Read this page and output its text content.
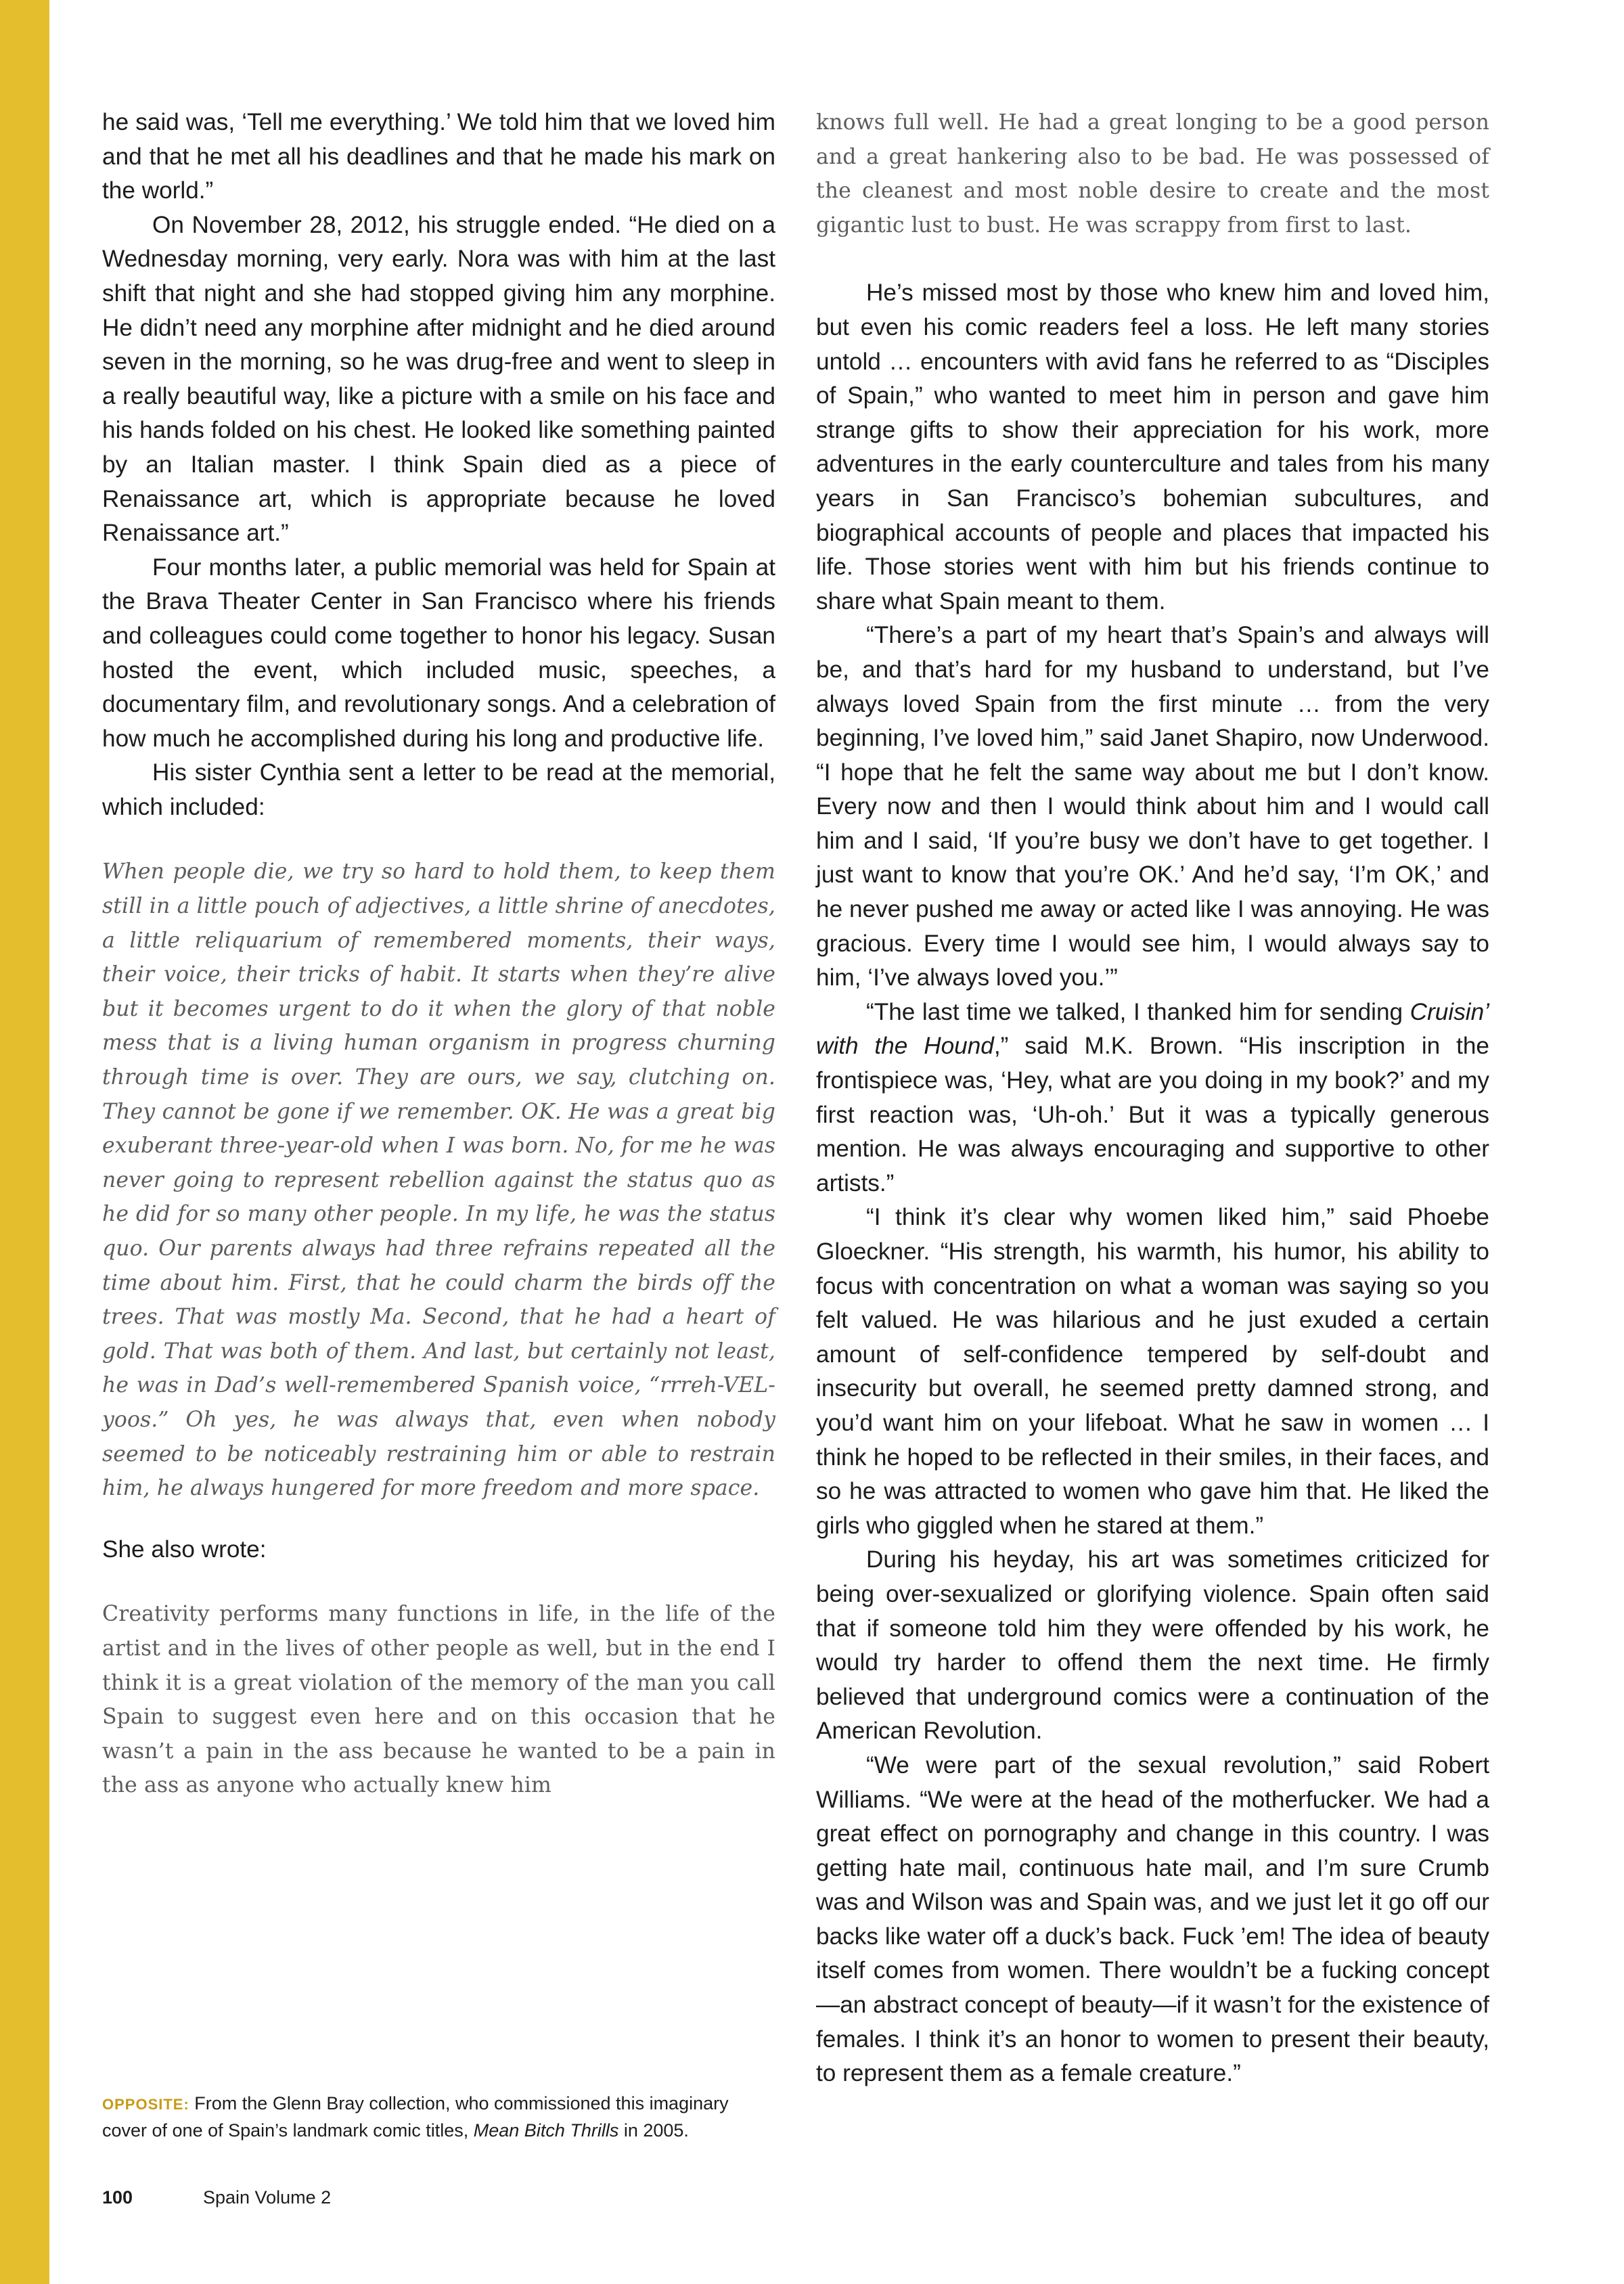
he said was, ‘Tell me everything.’ We told him that we loved him and that he met all his deadlines and that he made his mark on the world.”

On November 28, 2012, his struggle ended. “He died on a Wednesday morning, very early. Nora was with him at the last shift that night and she had stopped giving him any morphine. He didn’t need any morphine after midnight and he died around seven in the morning, so he was drug-free and went to sleep in a really beautiful way, like a picture with a smile on his face and his hands folded on his chest. He looked like something painted by an Italian master. I think Spain died as a piece of Renaissance art, which is appropriate because he loved Renaissance art.”

Four months later, a public memorial was held for Spain at the Brava Theater Center in San Francisco where his friends and colleagues could come together to honor his legacy. Susan hosted the event, which included music, speeches, a documentary film, and revolutionary songs. And a celebration of how much he accomplished during his long and productive life.

His sister Cynthia sent a letter to be read at the memorial, which included:

When people die, we try so hard to hold them, to keep them still in a little pouch of adjectives, a little shrine of anecdotes, a little reliquarium of remembered moments, their ways, their voice, their tricks of habit. It starts when they’re alive but it becomes urgent to do it when the glory of that noble mess that is a living human organism in progress churning through time is over. They are ours, we say, clutching on. They cannot be gone if we remember. OK. He was a great big exuberant three-year-old when I was born. No, for me he was never going to represent rebellion against the status quo as he did for so many other people. In my life, he was the status quo. Our parents always had three refrains repeated all the time about him. First, that he could charm the birds off the trees. That was mostly Ma. Second, that he had a heart of gold. That was both of them. And last, but certainly not least, he was in Dad’s well-remembered Spanish voice, “rrreh-VEL-yoos.” Oh yes, he was always that, even when nobody seemed to be noticeably restraining him or able to restrain him, he always hungered for more freedom and more space.

She also wrote:

Creativity performs many functions in life, in the life of the artist and in the lives of other people as well, but in the end I think it is a great violation of the memory of the man you call Spain to suggest even here and on this occasion that he wasn’t a pain in the ass because he wanted to be a pain in the ass as anyone who actually knew him

knows full well. He had a great longing to be a good person and a great hankering also to be bad. He was possessed of the cleanest and most noble desire to create and the most gigantic lust to bust. He was scrappy from first to last.

He’s missed most by those who knew him and loved him, but even his comic readers feel a loss. He left many stories untold … encounters with avid fans he referred to as “Disciples of Spain,” who wanted to meet him in person and gave him strange gifts to show their appreciation for his work, more adventures in the early counterculture and tales from his many years in San Francisco’s bohemian subcultures, and biographical accounts of people and places that impacted his life. Those stories went with him but his friends continue to share what Spain meant to them.

“There’s a part of my heart that’s Spain’s and always will be, and that’s hard for my husband to understand, but I’ve always loved Spain from the first minute … from the very beginning, I’ve loved him,” said Janet Shapiro, now Underwood. “I hope that he felt the same way about me but I don’t know. Every now and then I would think about him and I would call him and I said, ‘If you’re busy we don’t have to get together. I just want to know that you’re OK.’ And he’d say, ‘I’m OK,’ and he never pushed me away or acted like I was annoying. He was gracious. Every time I would see him, I would always say to him, ‘I’ve always loved you.’”

“The last time we talked, I thanked him for sending Cruisin’ with the Hound,” said M.K. Brown. “His inscription in the frontispiece was, ‘Hey, what are you doing in my book?’ and my first reaction was, ‘Uh-oh.’ But it was a typically generous mention. He was always encouraging and supportive to other artists.”

“I think it’s clear why women liked him,” said Phoebe Gloeckner. “His strength, his warmth, his humor, his ability to focus with concentration on what a woman was saying so you felt valued. He was hilarious and he just exuded a certain amount of self-confidence tempered by self-doubt and insecurity but overall, he seemed pretty damned strong, and you’d want him on your lifeboat. What he saw in women … I think he hoped to be reflected in their smiles, in their faces, and so he was attracted to women who gave him that. He liked the girls who giggled when he stared at them.”

During his heyday, his art was sometimes criticized for being over-sexualized or glorifying violence. Spain often said that if someone told him they were offended by his work, he would try harder to offend them the next time. He firmly believed that underground comics were a continuation of the American Revolution.

“We were part of the sexual revolution,” said Robert Williams. “We were at the head of the motherfucker. We had a great effect on pornography and change in this country. I was getting hate mail, continuous hate mail, and I’m sure Crumb was and Wilson was and Spain was, and we just let it go off our backs like water off a duck’s back. Fuck ’em! The idea of beauty itself comes from women. There wouldn’t be a fucking concept—an abstract concept of beauty—if it wasn’t for the existence of females. I think it’s an honor to women to present their beauty, to represent them as a female creature.”

OPPOSITE: From the Glenn Bray collection, who commissioned this imaginary cover of one of Spain’s landmark comic titles, Mean Bitch Thrills in 2005.
100	Spain Volume 2
